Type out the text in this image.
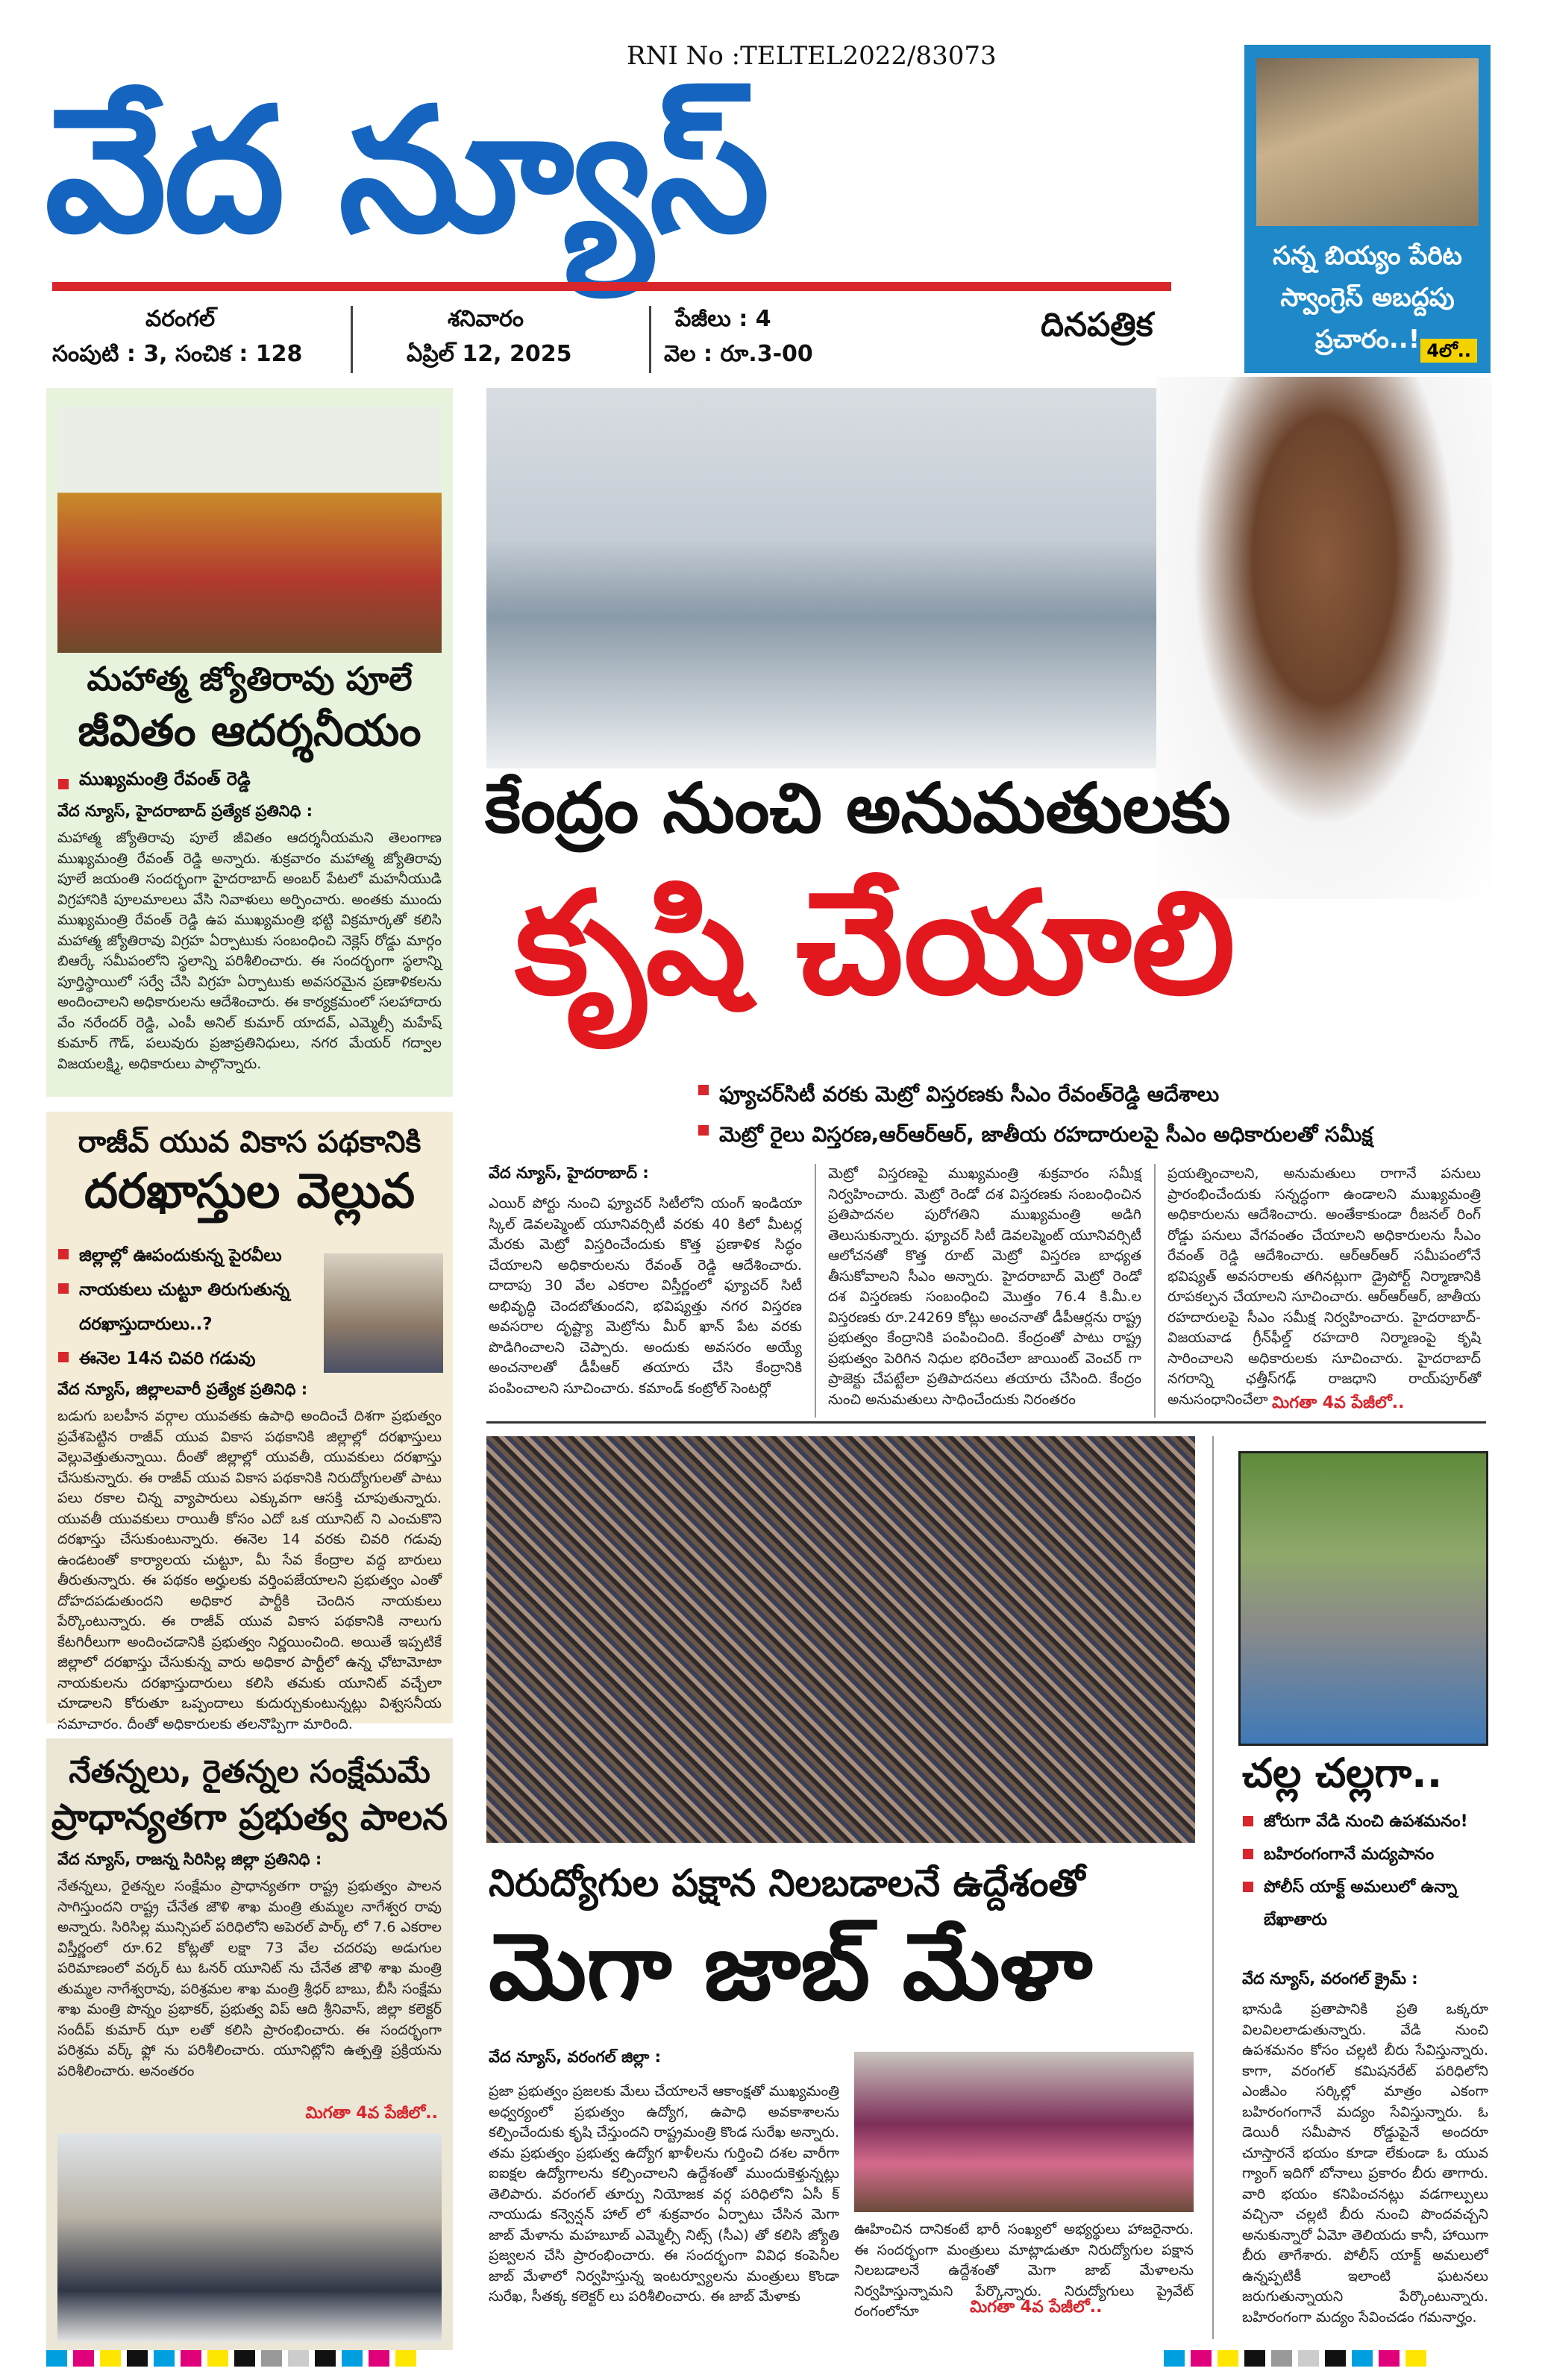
RNI No :TELTEL2022/83073
వేద న్యూస్
వరంగల్
సంపుటి : 3, సంచిక : 128
శనివారం
ఏప్రిల్ 12, 2025
పేజీలు : 4
వెల : రూ.3-00
దినపత్రిక
సన్న బియ్యం పేరిట స్వాంగ్రెస్ అబద్దపు ప్రచారం..! 4లో..
మహాత్మ జ్యోతిరావు పూలే
జీవితం ఆదర్శనీయం
ముఖ్యమంత్రి రేవంత్ రెడ్డి
వేద న్యూస్, హైదరాబాద్ ప్రత్యేక ప్రతినిధి :
మహాత్మ జ్యోతిరావు పూలే జీవితం ఆదర్శనీయమని తెలంగాణ ముఖ్యమంత్రి రేవంత్ రెడ్డి అన్నారు. శుక్రవారం మహాత్మ జ్యోతిరావు పూలే జయంతి సందర్భంగా హైదరాబాద్ అంబర్ పేటలో మహనీయుడి విగ్రహానికి పూలమాలలు వేసి నివాళులు అర్పించారు. అంతకు ముందు ముఖ్యమంత్రి రేవంత్ రెడ్డి ఉప ముఖ్యమంత్రి భట్టి విక్రమార్కతో కలిసి మహాత్మ జ్యోతిరావు విగ్రహ ఏర్పాటుకు సంబంధించి నెక్లెస్ రోడ్డు మార్గం బిఆర్కే సమీపంలోని స్థలాన్ని పరిశీలించారు. ఈ సందర్భంగా స్థలాన్ని పూర్తిస్థాయిలో సర్వే చేసి విగ్రహ ఏర్పాటుకు అవసరమైన ప్రణాళికలను అందించాలని అధికారులను ఆదేశించారు. ఈ కార్యక్రమంలో సలహాదారు వేం నరేందర్ రెడ్డి, ఎంపీ అనిల్ కుమార్ యాదవ్, ఎమ్మెల్సీ మహేష్ కుమార్ గౌడ్, పలువురు ప్రజాప్రతినిధులు, నగర మేయర్ గద్వాల విజయలక్ష్మి, అధికారులు పాల్గొన్నారు.
రాజీవ్ యువ వికాస పథకానికి
దరఖాస్తుల వెల్లువ
జిల్లాల్లో ఊపందుకున్న పైరవీలు
నాయకులు చుట్టూ తిరుగుతున్న దరఖాస్తుదారులు..?
ఈనెల 14న చివరి గడువు
వేద న్యూస్, జిల్లాలవారీ ప్రత్యేక ప్రతినిధి :
బడుగు బలహీన వర్గాల యువతకు ఉపాధి అందించే దిశగా ప్రభుత్వం ప్రవేశపెట్టిన రాజీవ్ యువ వికాస పథకానికి జిల్లాల్లో దరఖాస్తులు వెల్లువెత్తుతున్నాయి. దీంతో జిల్లాల్లో యువతీ, యువకులు దరఖాస్తు చేసుకున్నారు. ఈ రాజీవ్ యువ వికాస పథకానికి నిరుద్యోగులతో పాటు పలు రకాల చిన్న వ్యాపారులు ఎక్కువగా ఆసక్తి చూపుతున్నారు. యువతీ యువకులు రాయితీ కోసం ఎదో ఒక యూనిట్ ని ఎంచుకొని దరఖాస్తు చేసుకుంటున్నారు. ఈనెల 14 వరకు చివరి గడువు ఉండటంతో కార్యాలయ చుట్టూ, మీ సేవ కేంద్రాల వద్ద బారులు తీరుతున్నారు. ఈ పథకం అర్హులకు వర్తింపజేయాలని ప్రభుత్వం ఎంతో దోహదపడుతుందని అధికార పార్టీకి చెందిన నాయకులు పేర్కొంటున్నారు. ఈ రాజీవ్ యువ వికాస పథకానికి నాలుగు కేటగిరీలుగా అందించడానికి ప్రభుత్వం నిర్ణయించింది. అయితే ఇప్పటికే జిల్లాలో దరఖాస్తు చేసుకున్న వారు అధికార పార్టీలో ఉన్న ఛోటామోటా నాయకులను దరఖాస్తుదారులు కలిసి తమకు యూనిట్ వచ్చేలా చూడాలని కోరుతూ ఒప్పందాలు కుదుర్చుకుంటున్నట్లు విశ్వసనీయ సమాచారం. దీంతో అధికారులకు తలనొప్పిగా మారింది.
నేతన్నలు, రైతన్నల సంక్షేమమే
ప్రాధాన్యతగా ప్రభుత్వ పాలన
వేద న్యూస్, రాజన్న సిరిసిల్ల జిల్లా ప్రతినిధి :
నేతన్నలు, రైతన్నల సంక్షేమం ప్రాధాన్యతగా రాష్ట్ర ప్రభుత్వం పాలన సాగిస్తుందని రాష్ట్ర చేనేత జౌళి శాఖ మంత్రి తుమ్మల నాగేశ్వర రావు అన్నారు. సిరిసిల్ల మున్సిపల్ పరిధిలోని అపెరల్ పార్క్ లో 7.6 ఎకరాల విస్తీర్ణంలో రూ.62 కోట్లతో లక్షా 73 వేల చదరపు అడుగుల పరిమాణంలో వర్కర్ టు ఓనర్ యూనిట్ ను చేనేత జౌళి శాఖ మంత్రి తుమ్మల నాగేశ్వరావు, పరిశ్రమల శాఖ మంత్రి శ్రీధర్ బాబు, బీసీ సంక్షేమ శాఖ మంత్రి పొన్నం ప్రభాకర్, ప్రభుత్వ విప్ ఆది శ్రీనివాస్, జిల్లా కలెక్టర్ సందీప్ కుమార్ ఝా లతో కలిసి ప్రారంభించారు. ఈ సందర్భంగా పరిశ్రమ వర్క్ ఫ్లో ను పరిశీలించారు. యూనిట్లోని ఉత్పత్తి ప్రక్రియను పరిశీలించారు. అనంతరం
మిగతా 4వ పేజీలో..
కేంద్రం నుంచి అనుమతులకు
కృషి చేయాలి
ఫ్యూచర్‌సిటీ వరకు మెట్రో విస్తరణకు సీఎం రేవంత్‌రెడ్డి ఆదేశాలు
మెట్రో రైలు విస్తరణ,ఆర్ఆర్ఆర్, జాతీయ రహదారులపై సీఎం అధికారులతో సమీక్ష
వేద న్యూస్, హైదరాబాద్ :
ఎయిర్ పోర్టు నుంచి ఫ్యూచర్ సిటీలోని యంగ్ ఇండియా స్కిల్ డెవలప్మెంట్ యూనివర్సిటీ వరకు 40 కిలో మీటర్ల మేరకు మెట్రో విస్తరించేందుకు కొత్త ప్రణాళిక సిద్ధం చేయాలని అధికారులను రేవంత్ రెడ్డి ఆదేశించారు. దాదాపు 30 వేల ఎకరాల విస్తీర్ణంలో ఫ్యూచర్ సిటీ అభివృద్ధి చెందబోతుందని, భవిష్యత్తు నగర విస్తరణ అవసరాల దృష్ట్యా మెట్రోను మీర్ ఖాన్ పేట వరకు పొడిగించాలని చెప్పారు. అందుకు అవసరం అయ్యే అంచనాలతో డీపీఆర్ తయారు చేసి కేంద్రానికి పంపించాలని సూచించారు. కమాండ్ కంట్రోల్ సెంటర్లో
మెట్రో విస్తరణపై ముఖ్యమంత్రి శుక్రవారం సమీక్ష నిర్వహించారు. మెట్రో రెండో దశ విస్తరణకు సంబంధించిన ప్రతిపాదనల పురోగతిని ముఖ్యమంత్రి అడిగి తెలుసుకున్నారు. ఫ్యూచర్ సిటీ డెవలప్మెంట్ యూనివర్సిటీ ఆలోచనతో కొత్త రూట్ మెట్రో విస్తరణ బాధ్యత తీసుకోవాలని సీఎం అన్నారు. హైదరాబాద్ మెట్రో రెండో దశ విస్తరణకు సంబంధించి మొత్తం 76.4 కి.మీ.ల విస్తరణకు రూ.24269 కోట్లు అంచనాతో డీపీఆర్లను రాష్ట్ర ప్రభుత్వం కేంద్రానికి పంపించింది. కేంద్రంతో పాటు రాష్ట్ర ప్రభుత్వం పెరిగిన నిధుల భరించేలా జాయింట్ వెంచర్ గా ప్రాజెక్టు చేపట్టేలా ప్రతిపాదనలు తయారు చేసింది. కేంద్రం నుంచి అనుమతులు సాధించేందుకు నిరంతరం
ప్రయత్నించాలని, అనుమతులు రాగానే పనులు ప్రారంభించేందుకు సన్నద్ధంగా ఉండాలని ముఖ్యమంత్రి అధికారులను ఆదేశించారు. అంతేకాకుండా రీజనల్ రింగ్ రోడ్డు పనులు వేగవంతం చేయాలని అధికారులను సీఎం రేవంత్ రెడ్డి ఆదేశించారు. ఆర్ఆర్ఆర్ సమీపంలోనే భవిష్యత్ అవసరాలకు తగినట్లుగా డ్రైపోర్ట్ నిర్మాణానికి రూపకల్పన చేయాలని సూచించారు. ఆర్ఆర్ఆర్, జాతీయ రహదారులపై సీఎం సమీక్ష నిర్వహించారు. హైదరాబాద్-విజయవాడ గ్రీన్‌ఫీల్డ్ రహదారి నిర్మాణంపై కృషి సారించాలని అధికారులకు సూచించారు. హైదరాబాద్ నగరాన్ని ఛత్తీస్‌గఢ్ రాజధాని రాయ్‌పూర్‌తో అనుసంధానించేలా మిగతా 4వ పేజీలో..
నిరుద్యోగుల పక్షాన నిలబడాలనే ఉద్దేశంతో
మెగా జాబ్ మేళా
వేద న్యూస్, వరంగల్ జిల్లా :
ప్రజా ప్రభుత్వం ప్రజలకు మేలు చేయాలనే ఆకాంక్షతో ముఖ్యమంత్రి అధ్వర్యంలో ప్రభుత్వం ఉద్యోగ, ఉపాధి అవకాశాలను కల్పించేందుకు కృషి చేస్తుందని రాష్ట్రమంత్రి కొండ సురేఖ అన్నారు. తమ ప్రభుత్వం ప్రభుత్వ ఉద్యోగ ఖాళీలను గుర్తించి దశల వారీగా ఐఐక్షల ఉద్యోగాలను కల్పించాలని ఉద్దేశంతో ముందుకెళ్తున్నట్లు తెలిపారు. వరంగల్ తూర్పు నియోజక వర్గ పరిధిలోని ఏసీ క్ నాయుడు కన్వెన్షన్ హాల్ లో శుక్రవారం ఏర్పాటు చేసిన మెగా జాబ్ మేళాను మహబూబ్ ఎమ్మెల్సీ నిట్స్ (సీఎ) తో కలిసి జ్యోతి ప్రజ్వలన చేసి ప్రారంభించారు. ఈ సందర్భంగా వివిధ కంపెనీల జాబ్ మేళాలో నిర్వహిస్తున్న ఇంటర్వ్యూలను మంత్రులు కొండా సురేఖ, సీతక్క కలెక్టర్ లు పరిశీలించారు. ఈ జాబ్ మేళాకు
ఊహించిన దానికంటే భారీ సంఖ్యలో అభ్యర్థులు హాజరైనారు. ఈ సందర్భంగా మంత్రులు మాట్లాడుతూ నిరుద్యోగుల పక్షాన నిలబడాలనే ఉద్దేశంతో మెగా జాబ్ మేళాలను నిర్వహిస్తున్నామని పేర్కొన్నారు. నిరుద్యోగులు ప్రైవేట్ రంగంలోనూ	మిగతా 4వ పేజీలో..
చల్ల చల్లగా..
జోరుగా వేడి నుంచి ఉపశమనం!
బహిరంగంగానే మద్యపానం
పోలీస్ యాక్ట్ అమలులో ఉన్నా బేఖాతారు
వేద న్యూస్, వరంగల్ క్రైమ్ :
భానుడి ప్రతాపానికి ప్రతి ఒక్కరూ విలవిలలాడుతున్నారు. వేడి నుంచి ఉపశమనం కోసం చల్లటి బీరు సేవిస్తున్నారు. కాగా, వరంగల్ కమిషనరేట్ పరిధిలోని ఎంజీఎం సర్కిల్లో మాత్రం ఎకంగా బహిరంగంగానే మద్యం సేవిస్తున్నారు. ఓ డెయిరీ సమీపాన రోడ్డుపైనే అందరూ చూస్తారనే భయం కూడా లేకుండా ఓ యువ గ్యాంగ్ ఇదిగో బోనాలు ప్రకారం బీరు తాగారు. వారి భయం కనిపించనట్లు వడగాల్పులు వచ్చినా చల్లటి బీరు నుంచి పొందవచ్చని అనుకున్నారో ఏమో తెలియదు కానీ, హాయిగా బీరు తాగేశారు. పోలీస్ యాక్ట్ అమలులో ఉన్నప్పటికీ ఇలాంటి ఘటనలు జరుగుతున్నాయని పేర్కొంటున్నారు. బహిరంగంగా మద్యం సేవించడం గమనార్హం.
